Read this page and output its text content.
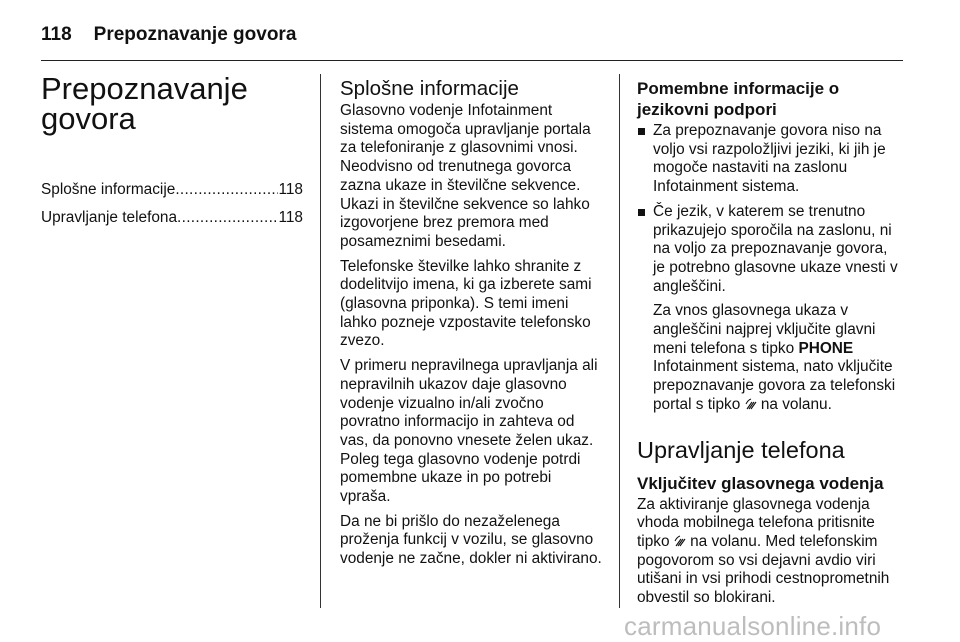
118 Prepoznavanje govora
Prepoznavanje
govora
Splošne informacije .....	118
Upravljanje telefona .....	118
Splošne informacije

Glasovno vodenje Infotainment sistema omogoča upravljanje portala za telefoniranje z glasovnimi vnosi. Neodvisno od trenutnega govorca zazna ukaze in številčne sekvence. Ukazi in številčne sekvence so lahko izgovorjene brez premora med posameznimi besedami.

Telefonske številke lahko shranite z dodelitvijo imena, ki ga izberete sami (glasovna priponka). S temi imeni lahko pozneje vzpostavite telefonsko zvezo.

V primeru nepravilnega upravljanja ali nepravilnih ukazov daje glasovno vodenje vizualno in/ali zvočno povratno informacijo in zahteva od vas, da ponovno vnesete želen ukaz. Poleg tega glasovno vodenje potrdi pomembne ukaze in po potrebi vpraša.

Da ne bi prišlo do nezaželenega proženja funkcij v vozilu, se glasovno vodenje ne začne, dokler ni aktivirano.

Pomembne informacije o jezikovni podpori

Za prepoznavanje govora niso na voljo vsi razpoložljivi jeziki, ki jih je mogoče nastaviti na zaslonu Infotainment sistema.

Če jezik, v katerem se trenutno prikazujejo sporočila na zaslonu, ni na voljo za prepoznavanje govora, je potrebno glasovne ukaze vnesti v angleščini.

Za vnos glasovnega ukaza v angleščini najprej vključite glavni meni telefona s tipko PHONE Infotainment sistema, nato vključite prepoznavanje govora za telefonski portal s tipko  na volanu.

Upravljanje telefona
Vključitev glasovnega vodenja

Za aktiviranje glasovnega vodenja vhoda mobilnega telefona pritisnite tipko  na volanu. Med telefonskim pogovorom so vsi dejavni avdio viri utišani in vsi prihodi cestnoprometnih obvestil so blokirani.

carmanualsonline.info
